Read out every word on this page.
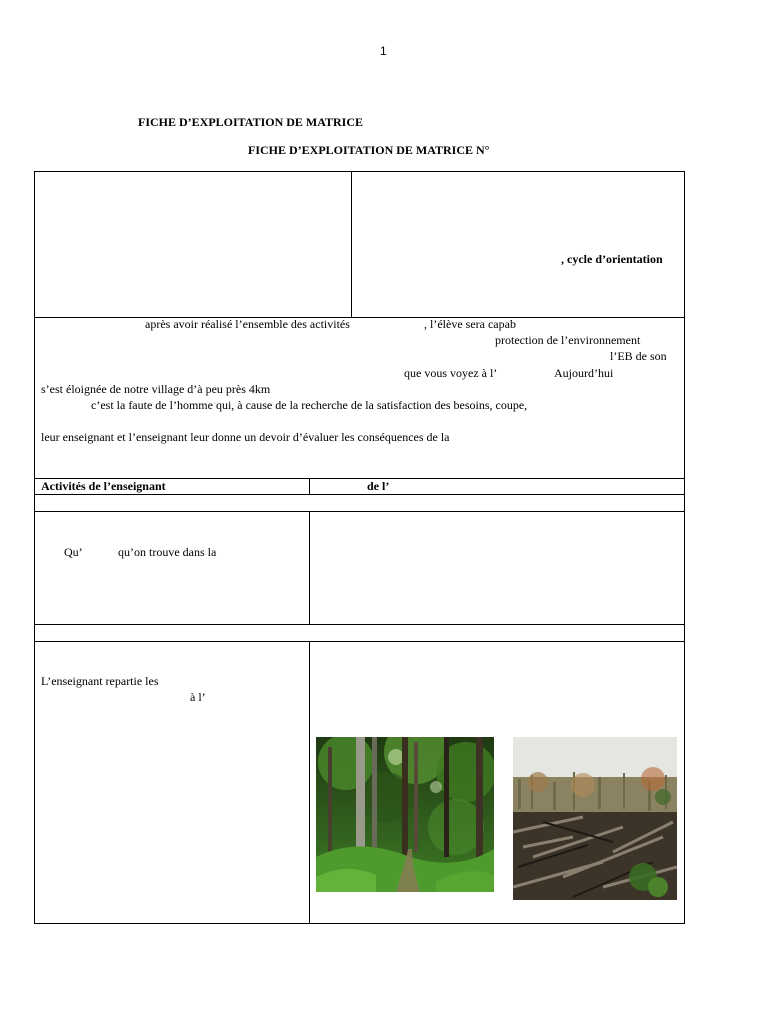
1
FICHE D’EXPLOITATION DE MATRICE
FICHE D’EXPLOITATION DE MATRICE N°
, cycle d’orientation
après avoir réalisé l’ensemble des activités	, l’élève sera capab
protection de l’environnement
l’EB de son
que vous voyez à l’	Aujourd’hui
s’est éloignée de notre village d’à peu près 4km
c’est la faute de l’homme qui, à cause de la recherche de la satisfaction des besoins, coupe,
leur enseignant et l’enseignant leur donne un devoir d’évaluer les conséquences de la
Activités de l’enseignant	de l’
Qu’	qu’on trouve dans la
L’enseignant repartie les
à l’
